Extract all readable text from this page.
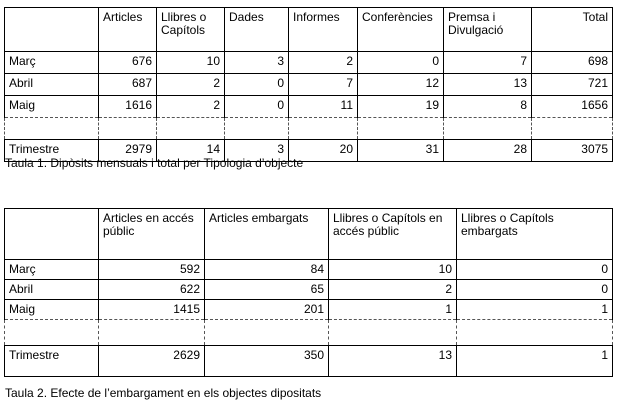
	Articles	Llibres o Capítols	Dades	Informes	Conferències	Premsa i Divulgació	Total
Març	676	10	3	2	0	7	698
Abril	687	2	0	7	12	13	721
Maig	1616	2	0	11	19	8	1656

Trimestre	2979	14	3	20	31	28	3075
Taula 1. Dipòsits mensuals i total per Tipologia d’objecte
	Articles en accés públic	Articles embargats	Llibres o Capítols en accés públic	Llibres o Capítols embargats
Març	592	84	10	0
Abril	622	65	2	0
Maig	1415	201	1	1

Trimestre	2629	350	13	1
Taula 2. Efecte de l’embargament en els objectes dipositats
